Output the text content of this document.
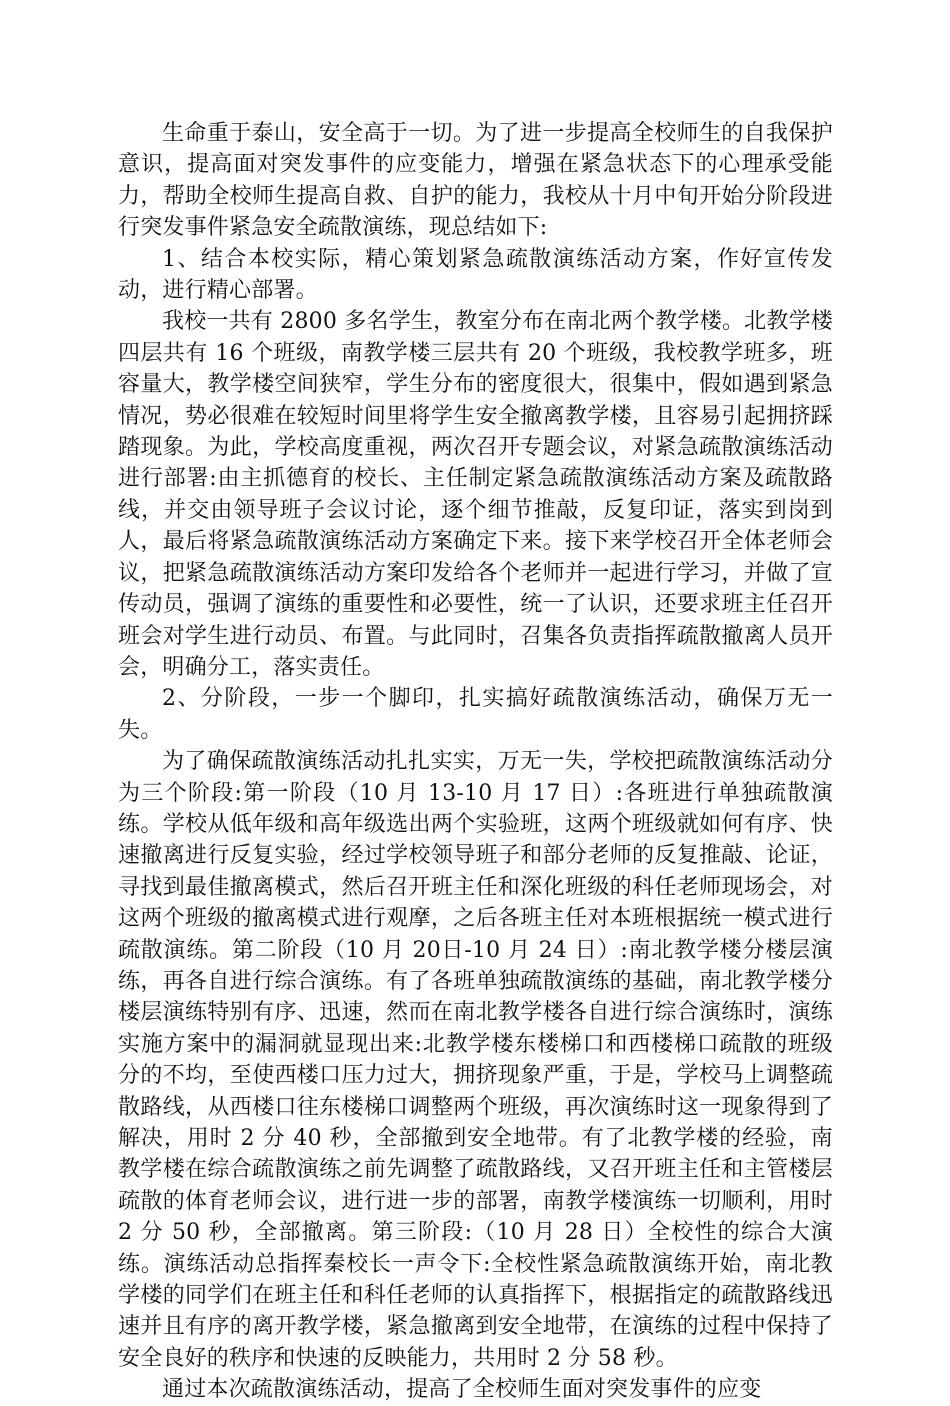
生命重于泰山，安全高于一切。为了进一步提高全校师生的自我保护意识，提高面对突发事件的应变能力，增强在紧急状态下的心理承受能力，帮助全校师生提高自救、自护的能力，我校从十月中旬开始分阶段进行突发事件紧急安全疏散演练，现总结如下:

1、结合本校实际，精心策划紧急疏散演练活动方案，作好宣传发动，进行精心部署。

我校一共有 2800 多名学生，教室分布在南北两个教学楼。北教学楼四层共有 16 个班级，南教学楼三层共有 20 个班级，我校教学班多，班容量大，教学楼空间狭窄，学生分布的密度很大，很集中，假如遇到紧急情况，势必很难在较短时间里将学生安全撤离教学楼，且容易引起拥挤踩踏现象。为此，学校高度重视，两次召开专题会议，对紧急疏散演练活动进行部署:由主抓德育的校长、主任制定紧急疏散演练活动方案及疏散路线，并交由领导班子会议讨论，逐个细节推敲，反复印证，落实到岗到人，最后将紧急疏散演练活动方案确定下来。接下来学校召开全体老师会议，把紧急疏散演练活动方案印发给各个老师并一起进行学习，并做了宣传动员，强调了演练的重要性和必要性，统一了认识，还要求班主任召开班会对学生进行动员、布置。与此同时，召集各负责指挥疏散撤离人员开会，明确分工，落实责任。

2、分阶段，一步一个脚印，扎实搞好疏散演练活动，确保万无一失。

为了确保疏散演练活动扎扎实实，万无一失，学校把疏散演练活动分为三个阶段:第一阶段（10 月 13-10 月 17 日）:各班进行单独疏散演练。学校从低年级和高年级选出两个实验班，这两个班级就如何有序、快速撤离进行反复实验，经过学校领导班子和部分老师的反复推敲、论证，寻找到最佳撤离模式，然后召开班主任和深化班级的科任老师现场会，对这两个班级的撤离模式进行观摩，之后各班主任对本班根据统一模式进行疏散演练。第二阶段（10 月 20日-10 月 24 日）:南北教学楼分楼层演练，再各自进行综合演练。有了各班单独疏散演练的基础，南北教学楼分楼层演练特别有序、迅速，然而在南北教学楼各自进行综合演练时，演练实施方案中的漏洞就显现出来:北教学楼东楼梯口和西楼梯口疏散的班级分的不均，至使西楼口压力过大，拥挤现象严重，于是，学校马上调整疏散路线，从西楼口往东楼梯口调整两个班级，再次演练时这一现象得到了解决，用时 2 分 40 秒，全部撤到安全地带。有了北教学楼的经验，南教学楼在综合疏散演练之前先调整了疏散路线，又召开班主任和主管楼层疏散的体育老师会议，进行进一步的部署，南教学楼演练一切顺利，用时 2 分 50 秒，全部撤离。第三阶段:（10 月 28 日）全校性的综合大演练。演练活动总指挥秦校长一声令下:全校性紧急疏散演练开始，南北教学楼的同学们在班主任和科任老师的认真指挥下，根据指定的疏散路线迅速并且有序的离开教学楼，紧急撤离到安全地带，在演练的过程中保持了安全良好的秩序和快速的反映能力，共用时 2 分 58 秒。

通过本次疏散演练活动，提高了全校师生面对突发事件的应变
